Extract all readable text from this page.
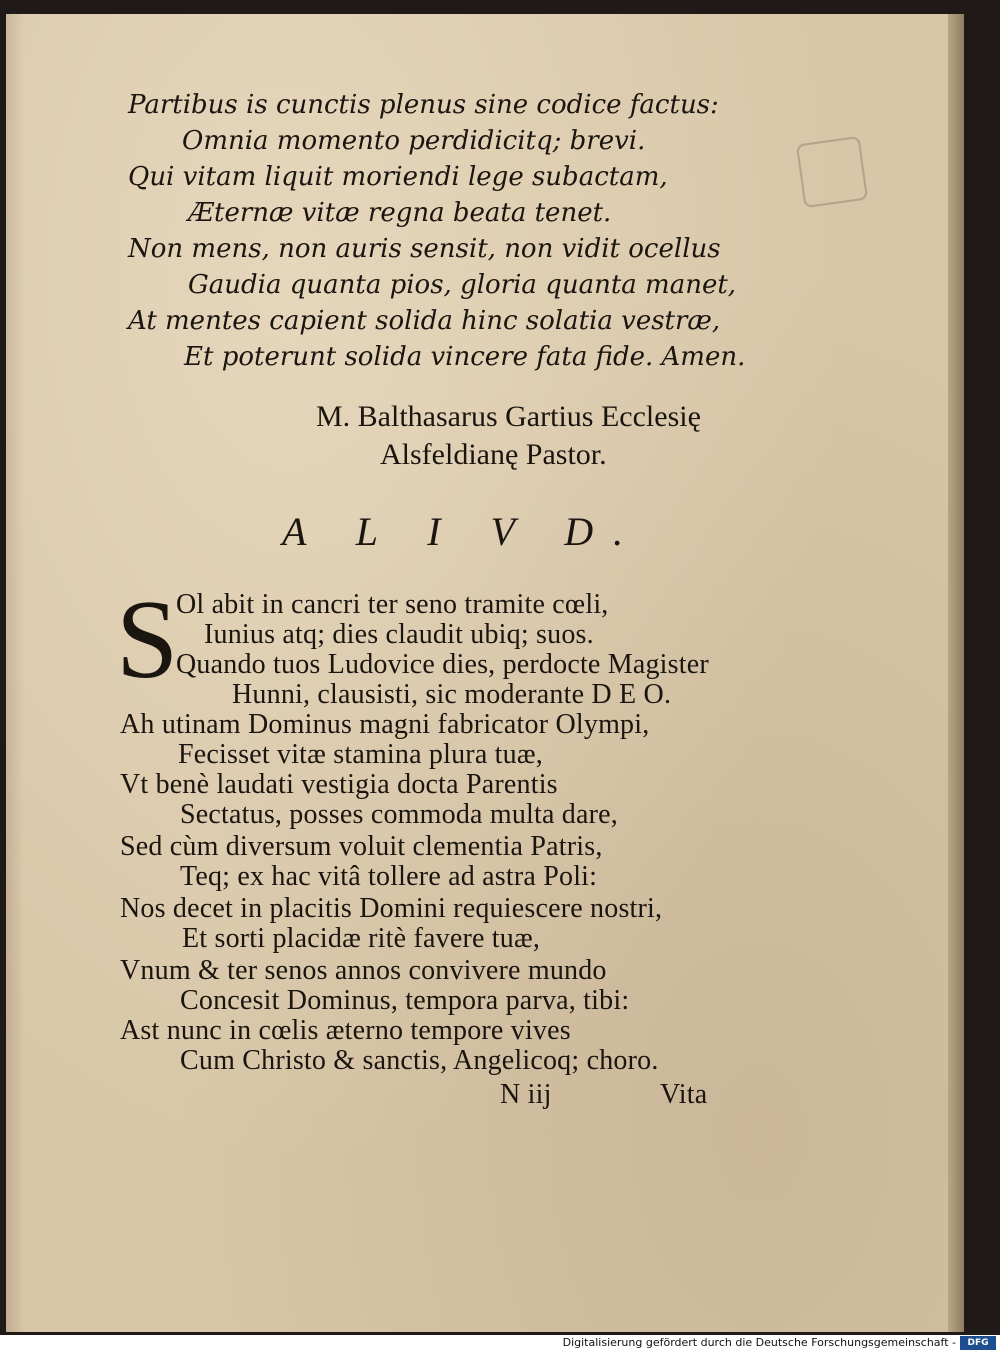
Partibus is cunctis plenus sine codice factus:
Omnia momento perdidicitq; brevi.
Qui vitam liquit moriendi lege subactam,
Æternæ vitæ regna beata tenet.
Non mens, non auris sensit, non vidit ocellus
Gaudia quanta pios, gloria quanta manet,
At mentes capient solida hinc solatia vestræ,
Et poterunt solida vincere fata fide. Amen.
M. Balthasarus Gartius Ecclesię
Alsfeldianę Pastor.
A L I V D.
S
Ol abit in cancri ter seno tramite cœli,
Iunius atq; dies claudit ubiq; suos.
Quando tuos Ludovice dies, perdocte Magister
Hunni, clausisti, sic moderante D E O.
Ah utinam Dominus magni fabricator Olympi,
Fecisset vitæ stamina plura tuæ,
Vt benè laudati vestigia docta Parentis
Sectatus, posses commoda multa dare,
Sed cùm diversum voluit clementia Patris,
Teq; ex hac vitâ tollere ad astra Poli:
Nos decet in placitis Domini requiescere nostri,
Et sorti placidæ ritè favere tuæ,
Vnum & ter senos annos convivere mundo
Concesit Dominus, tempora parva, tibi:
Ast nunc in cœlis æterno tempore vives
Cum Christo & sanctis, Angelicoq; choro.
N iij	Vita
Digitalisierung gefördert durch die Deutsche Forschungsgemeinschaft -	DFG
